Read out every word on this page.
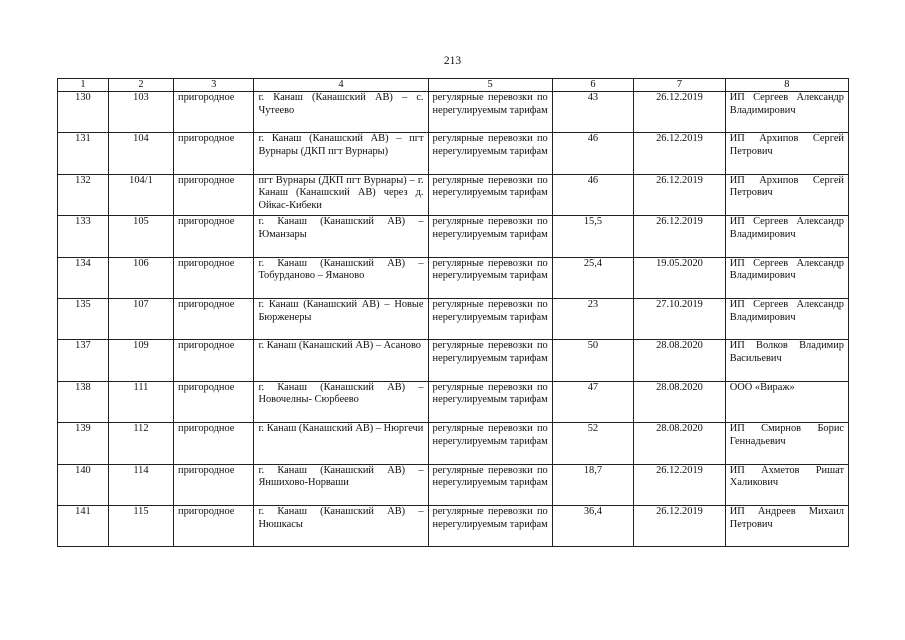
213
1	2	3	4	5	6	7	8
130	103	пригородное	г. Канаш (Канашский АВ) – с. Чутеево	регулярные перевозки по нерегулируемым тарифам	43	26.12.2019	ИП Сергеев Александр Владимирович
131	104	пригородное	г. Канаш (Канашский АВ) – пгт Вурнары (ДКП пгт Вурнары)	регулярные перевозки по нерегулируемым тарифам	46	26.12.2019	ИП Архипов Сергей Петрович
132	104/1	пригородное	пгт Вурнары (ДКП пгт Вурнары) – г. Канаш (Канашский АВ) через д. Ойкас-Кибеки	регулярные перевозки по нерегулируемым тарифам	46	26.12.2019	ИП Архипов Сергей Петрович
133	105	пригородное	г. Канаш (Канашский АВ) – Юманзары	регулярные перевозки по нерегулируемым тарифам	15,5	26.12.2019	ИП Сергеев Александр Владимирович
134	106	пригородное	г. Канаш (Канашский АВ) – Тобурданово – Яманово	регулярные перевозки по нерегулируемым тарифам	25,4	19.05.2020	ИП Сергеев Александр Владимирович
135	107	пригородное	г. Канаш (Канашский АВ) – Новые Бюрженеры	регулярные перевозки по нерегулируемым тарифам	23	27.10.2019	ИП Сергеев Александр Владимирович
137	109	пригородное	г. Канаш (Канашский АВ) – Асаново	регулярные перевозки по нерегулируемым тарифам	50	28.08.2020	ИП Волков Владимир Васильевич
138	111	пригородное	г. Канаш (Канашский АВ) – Новочелны- Сюрбеево	регулярные перевозки по нерегулируемым тарифам	47	28.08.2020	ООО «Вираж»
139	112	пригородное	г. Канаш (Канашский АВ) – Нюргечи	регулярные перевозки по нерегулируемым тарифам	52	28.08.2020	ИП Смирнов Борис Геннадьевич
140	114	пригородное	г. Канаш (Канашский АВ) – Яншихово-Норваши	регулярные перевозки по нерегулируемым тарифам	18,7	26.12.2019	ИП Ахметов Ришат Халикович
141	115	пригородное	г. Канаш (Канашский АВ) – Нюшкасы	регулярные перевозки по нерегулируемым тарифам	36,4	26.12.2019	ИП Андреев Михаил Петрович
